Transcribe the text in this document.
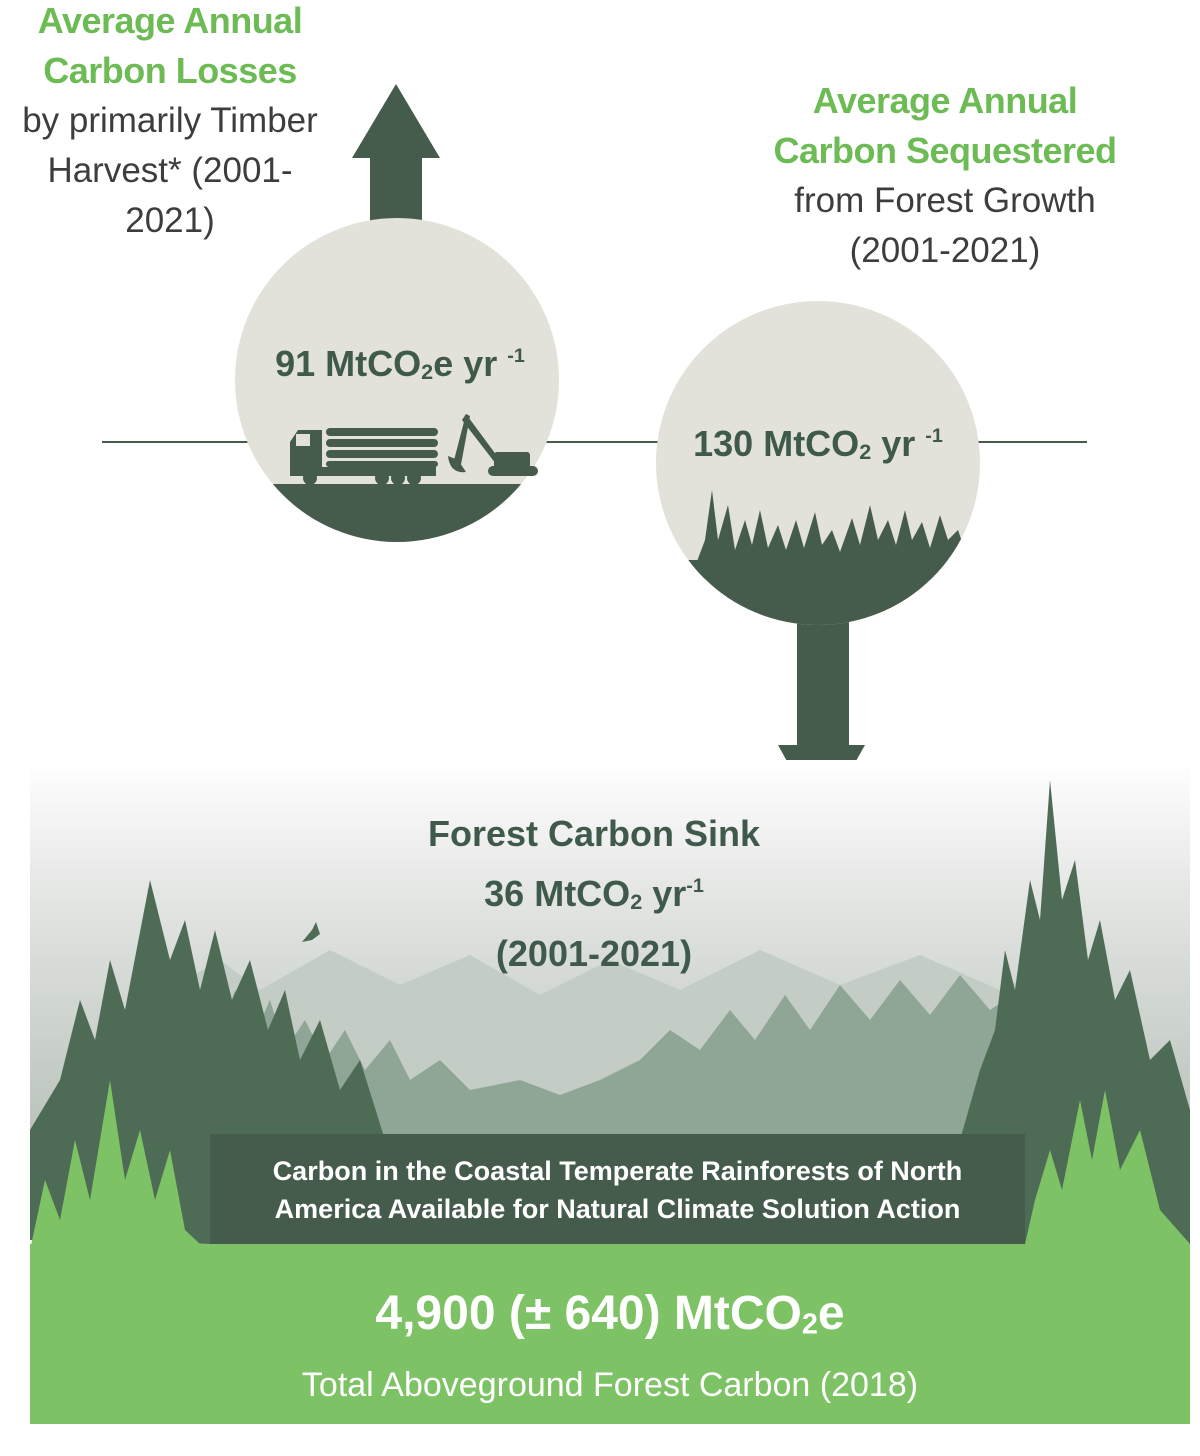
Average Annual
Carbon Losses
by primarily Timber
Harvest* (2001-2021)
91 MtCO$_2$e yr $^{-1}$
Average Annual
Carbon Sequestered
from Forest Growth
(2001-2021)
130 MtCO$_2$ yr $^{-1}$
Forest Carbon Sink
36 MtCO$_2$ $yr^{-1}$
(2001-2021)
Carbon in the Coastal Temperate Rainforests of North
America Available for Natural Climate Solution Action
4,900 (± 640) MtCO$_2$e
Total Aboveground Forest Carbon (2018)
